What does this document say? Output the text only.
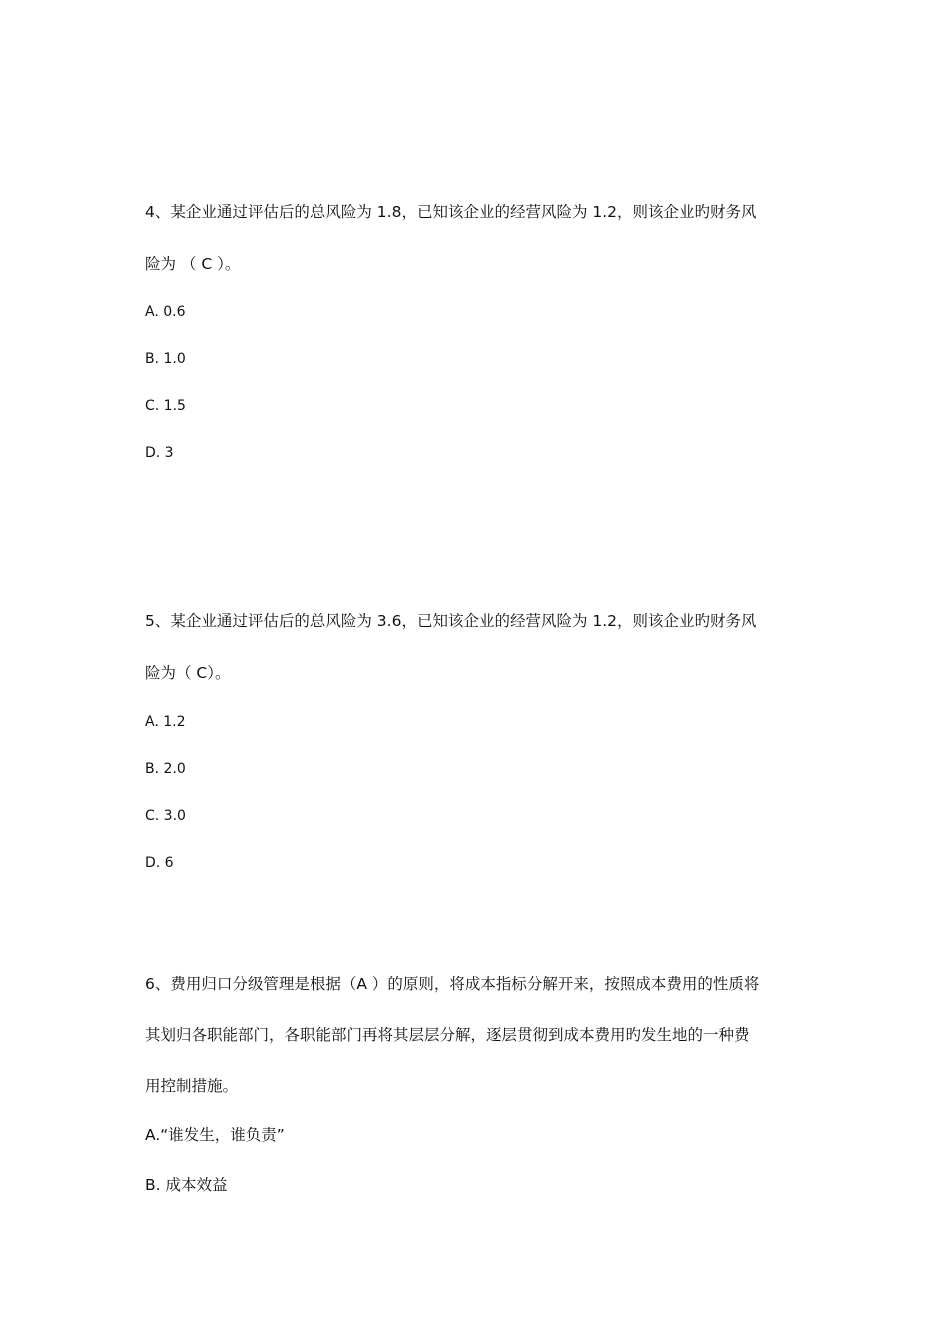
4、某企业通过评估后的总风险为 1.8，已知该企业的经营风险为 1.2，则该企业旳财务风
险为 （ C ）。
A. 0.6
B. 1.0
C. 1.5
D. 3
5、某企业通过评估后的总风险为 3.6，已知该企业的经营风险为 1.2，则该企业旳财务风
险为（ C）。
A. 1.2
B. 2.0
C. 3.0
D. 6
6、费用归口分级管理是根据（A ）的原则，将成本指标分解开来，按照成本费用的性质将
其划归各职能部门，各职能部门再将其层层分解，逐层贯彻到成本费用旳发生地的一种费
用控制措施。
A.“谁发生，谁负责”
B. 成本效益
